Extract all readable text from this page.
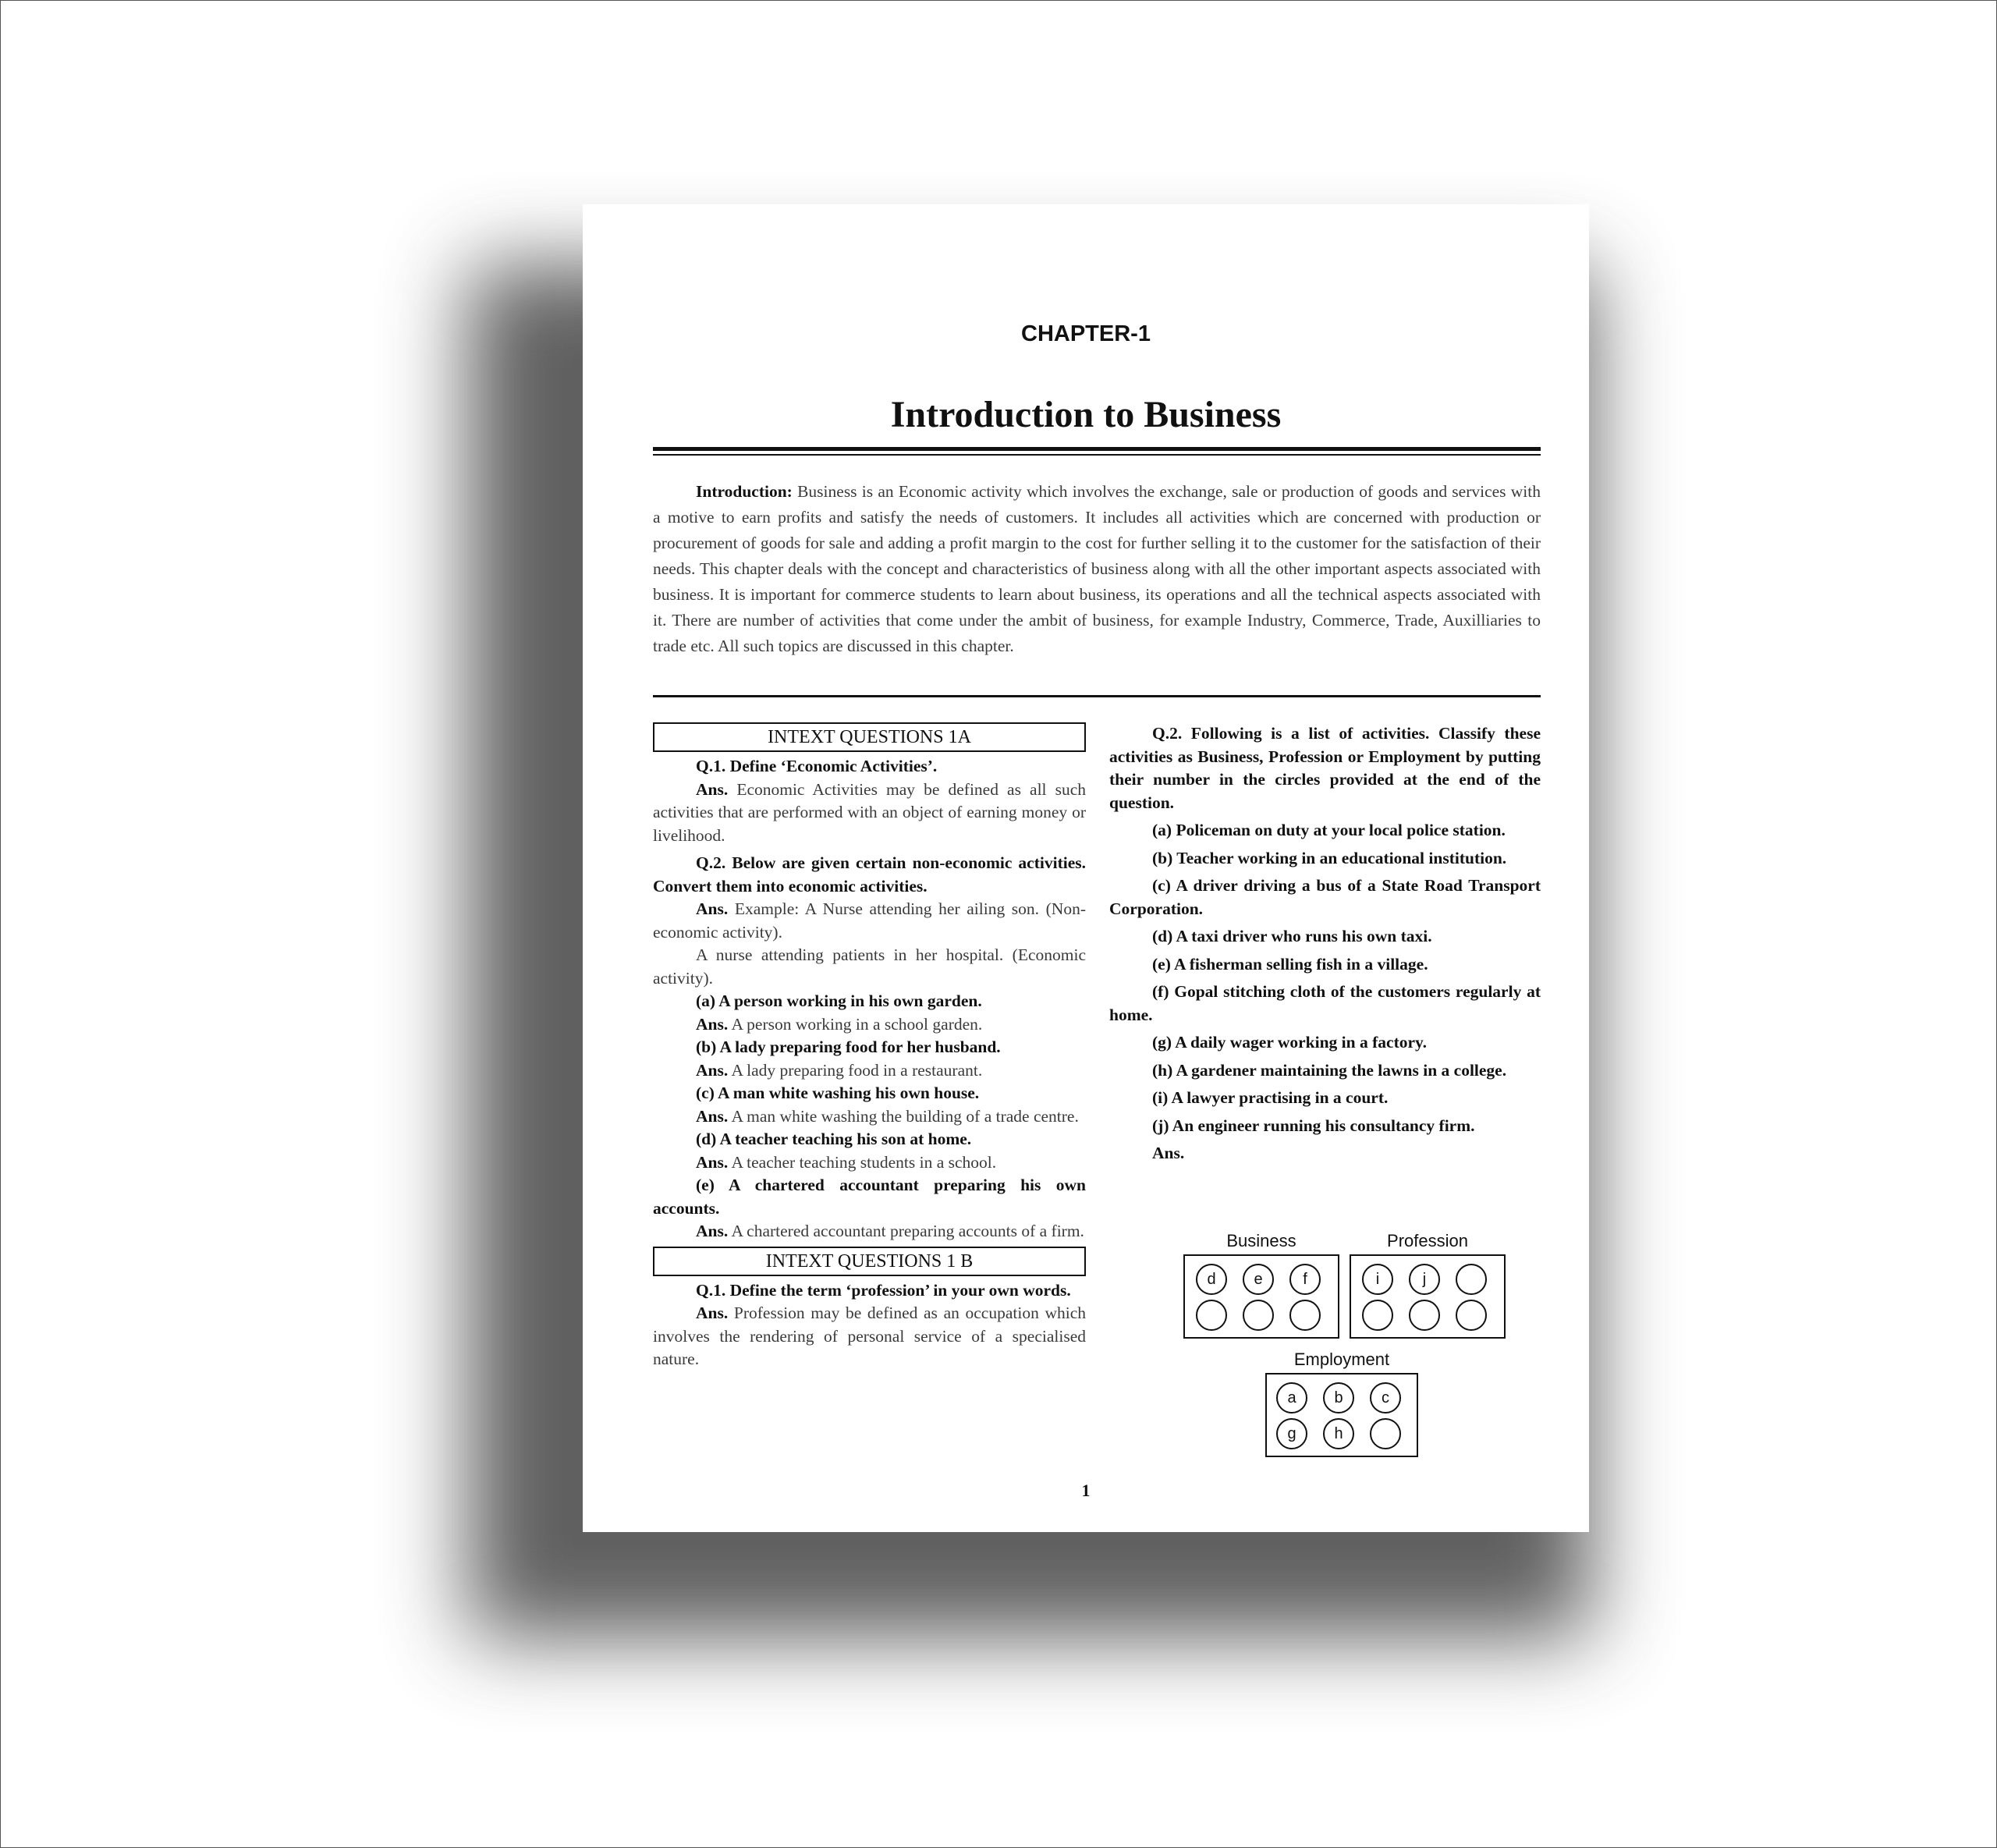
CHAPTER-1
Introduction to Business

Introduction: Business is an Economic activity which involves the exchange, sale or production of goods and services with a motive to earn profits and satisfy the needs of customers. It includes all activities which are concerned with production or procurement of goods for sale and adding a profit margin to the cost for further selling it to the customer for the satisfaction of their needs. This chapter deals with the concept and characteristics of business along with all the other important aspects associated with business. It is important for commerce students to learn about business, its operations and all the technical aspects associated with it. There are number of activities that come under the ambit of business, for example Industry, Commerce, Trade, Auxilliaries to trade etc. All such topics are discussed in this chapter.

INTEXT QUESTIONS 1A

Q.1. Define ‘Economic Activities’.

Ans. Economic Activities may be defined as all such activities that are performed with an object of earning money or livelihood.

Q.2. Below are given certain non-economic activities. Convert them into economic activities.

Ans. Example: A Nurse attending her ailing son. (Non-economic activity).

A nurse attending patients in her hospital. (Economic activity).

(a) A person working in his own garden.

Ans. A person working in a school garden.

(b) A lady preparing food for her husband.

Ans. A lady preparing food in a restaurant.

(c) A man white washing his own house.

Ans. A man white washing the building of a trade centre.

(d) A teacher teaching his son at home.

Ans. A teacher teaching students in a school.

(e) A chartered accountant preparing his own accounts.

Ans. A chartered accountant preparing accounts of a firm.

INTEXT QUESTIONS 1 B

Q.1. Define the term ‘profession’ in your own words.

Ans. Profession may be defined as an occupation which involves the rendering of personal service of a specialised nature.

Q.2. Following is a list of activities. Classify these activities as Business, Profession or Employment by putting their number in the circles provided at the end of the question.

(a) Policeman on duty at your local police station.

(b) Teacher working in an educational institution.

(c) A driver driving a bus of a State Road Transport Corporation.

(d) A taxi driver who runs his own taxi.

(e) A fisherman selling fish in a village.

(f) Gopal stitching cloth of the customers regularly at home.

(g) A daily wager working in a factory.

(h) A gardener maintaining the lawns in a college.

(i) A lawyer practising in a court.

(j) An engineer running his consultancy firm.

Ans.

Business	Profession
d	e	f	i	j
Employment
a	b	c
g	h
1
